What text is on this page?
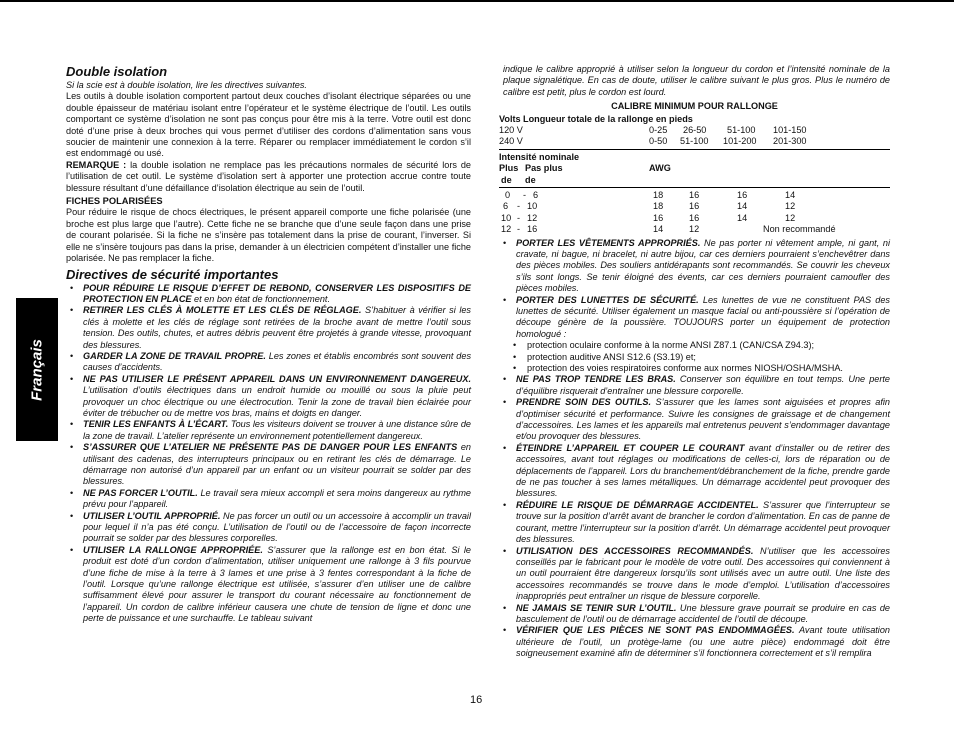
Français
Double isolation

Si la scie est à double isolation, lire les directives suivantes.

Les outils à double isolation comportent partout deux couches d’isolant électrique séparées ou une double épaisseur de matériau isolant entre l’opérateur et le système électrique de l’outil. Les outils comportant ce système d’isolation ne sont pas conçus pour être mis à la terre. Votre outil est donc doté d’une prise à deux broches qui vous permet d’utiliser des cordons d’alimentation sans vous soucier de maintenir une connexion à la terre. Réparer ou remplacer immédiatement le cordon s’il est endommagé ou usé.

REMARQUE : la double isolation ne remplace pas les précautions normales de sécurité lors de l’utilisation de cet outil. Le système d’isolation sert à apporter une protection accrue contre toute blessure résultant d’une défaillance d’isolation électrique au sein de l’outil.

FICHES POLARISÉES

Pour réduire le risque de chocs électriques, le présent appareil comporte une fiche polarisée (une broche est plus large que l’autre). Cette fiche ne se branche que d’une seule façon dans une prise de courant polarisée. Si la fiche ne s’insère pas totalement dans la prise de courant, l’inverser. Si elle ne s’insère toujours pas dans la prise, demander à un électricien compétent d’installer une fiche polarisée. Ne pas remplacer la fiche.

Directives de sécurité importantes
• POUR RÉDUIRE LE RISQUE D’EFFET DE REBOND, CONSERVER LES DISPOSITIFS DE PROTECTION EN PLACE et en bon état de fonctionnement.
• RETIRER LES CLÉS À MOLETTE ET LES CLÉS DE RÉGLAGE. S’habituer à vérifier si les clés à molette et les clés de réglage sont retirées de la broche avant de mettre l’outil sous tension. Des outils, chutes, et autres débris peuvent être projetés à grande vitesse, provoquant des blessures.
• GARDER LA ZONE DE TRAVAIL PROPRE. Les zones et établis encombrés sont souvent des causes d’accidents.
• NE PAS UTILISER LE PRÉSENT APPAREIL DANS UN ENVIRONNEMENT DANGEREUX. L’utilisation d’outils électriques dans un endroit humide ou mouillé ou sous la pluie peut provoquer un choc électrique ou une électrocution. Tenir la zone de travail bien éclairée pour éviter de trébucher ou de mettre vos bras, mains et doigts en danger.
• TENIR LES ENFANTS À L’ÉCART. Tous les visiteurs doivent se trouver à une distance sûre de la zone de travail. L’atelier représente un environnement potentiellement dangereux.
• S’ASSURER QUE L’ATELIER NE PRÉSENTE PAS DE DANGER POUR LES ENFANTS en utilisant des cadenas, des interrupteurs principaux ou en retirant les clés de démarrage. Le démarrage non autorisé d’un appareil par un enfant ou un visiteur pourrait se solder par des blessures.
• NE PAS FORCER L’OUTIL. Le travail sera mieux accompli et sera moins dangereux au rythme prévu pour l’appareil.
• UTILISER L’OUTIL APPROPRIÉ. Ne pas forcer un outil ou un accessoire à accomplir un travail pour lequel il n’a pas été conçu. L’utilisation de l’outil ou de l’accessoire de façon incorrecte pourrait se solder par des blessures corporelles.
• UTILISER LA RALLONGE APPROPRIÉE. S’assurer que la rallonge est en bon état. Si le produit est doté d’un cordon d’alimentation, utiliser uniquement une rallonge à 3 fils pourvue d’une fiche de mise à la terre à 3 lames et une prise à 3 fentes correspondant à la fiche de l’outil. Lorsque qu’une rallonge électrique est utilisée, s’assurer d’en utiliser une de calibre suffisamment élevé pour assurer le transport du courant nécessaire au fonctionnement de l’appareil. Un cordon de calibre inférieur causera une chute de tension de ligne et donc une perte de puissance et une surchauffe. Le tableau suivant

indique le calibre approprié à utiliser selon la longueur du cordon et l’intensité nominale de la plaque signalétique. En cas de doute, utiliser le calibre suivant le plus gros. Plus le numéro de calibre est petit, plus le cordon est lourd.

CALIBRE MINIMUM POUR RALLONGE
Volts Longueur totale de la rallonge en pieds
120 V	0-25 26-50 51-100 101-150
240 V	0-50 51-100 101-200 201-300
Intensité nominale
Plus Pas plus	AWG
de de
0 - 6	18	16	16	14
6 - 10	18	16	14	12
10 - 12	16	16	14	12
12 - 16	14	12	Non recommandé
• PORTER LES VÊTEMENTS APPROPRIÉS. Ne pas porter ni vêtement ample, ni gant, ni cravate, ni bague, ni bracelet, ni autre bijou, car ces derniers pourraient s’enchevêtrer dans des pièces mobiles. Des souliers antidérapants sont recommandés. Se couvrir les cheveux s’ils sont longs. Se tenir éloigné des évents, car ces derniers pourraient camoufler des pièces mobiles.
• PORTER DES LUNETTES DE SÉCURITÉ. Les lunettes de vue ne constituent PAS des lunettes de sécurité. Utiliser également un masque facial ou anti-poussière si l’opération de découpe génère de la poussière. TOUJOURS porter un équipement de protection homologué :
• protection oculaire conforme à la norme ANSI Z87.1 (CAN/CSA Z94.3);
• protection auditive ANSI S12.6 (S3.19) et;
• protection des voies respiratoires conforme aux normes NIOSH/OSHA/MSHA.
• NE PAS TROP TENDRE LES BRAS. Conserver son équilibre en tout temps. Une perte d’équilibre risquerait d’entraîner une blessure corporelle.
• PRENDRE SOIN DES OUTILS. S’assurer que les lames sont aiguisées et propres afin d’optimiser sécurité et performance. Suivre les consignes de graissage et de changement d’accessoires. Les lames et les appareils mal entretenus peuvent s’endommager davantage et/ou provoquer des blessures.
• ÉTEINDRE L’APPAREIL ET COUPER LE COURANT avant d’installer ou de retirer des accessoires, avant tout réglages ou modifications de celles-ci, lors de réparation ou de déplacements de l’appareil. Lors du branchement/débranchement de la fiche, prendre garde de ne pas toucher à ses lames métalliques. Un démarrage accidentel peut provoquer des blessures.
• RÉDUIRE LE RISQUE DE DÉMARRAGE ACCIDENTEL. S’assurer que l’interrupteur se trouve sur la position d’arrêt avant de brancher le cordon d’alimentation. En cas de panne de courant, mettre l’interrupteur sur la position d’arrêt. Un démarrage accidentel peut provoquer des blessures.
• UTILISATION DES ACCESSOIRES RECOMMANDÉS. N’utiliser que les accessoires conseillés par le fabricant pour le modèle de votre outil. Des accessoires qui conviennent à un outil pourraient être dangereux lorsqu’ils sont utilisés avec un autre outil. Une liste des accessoires recommandés se trouve dans le mode d’emploi. L’utilisation d’accessoires inappropriés peut entraîner un risque de blessure corporelle.
• NE JAMAIS SE TENIR SUR L’OUTIL. Une blessure grave pourrait se produire en cas de basculement de l’outil ou de démarrage accidentel de l’outil de découpe.
• VÉRIFIER QUE LES PIÈCES NE SONT PAS ENDOMMAGÉES. Avant toute utilisation ultérieure de l’outil, un protège-lame (ou une autre pièce) endommagé doit être soigneusement examiné afin de déterminer s’il fonctionnera correctement et s’il remplira
16
